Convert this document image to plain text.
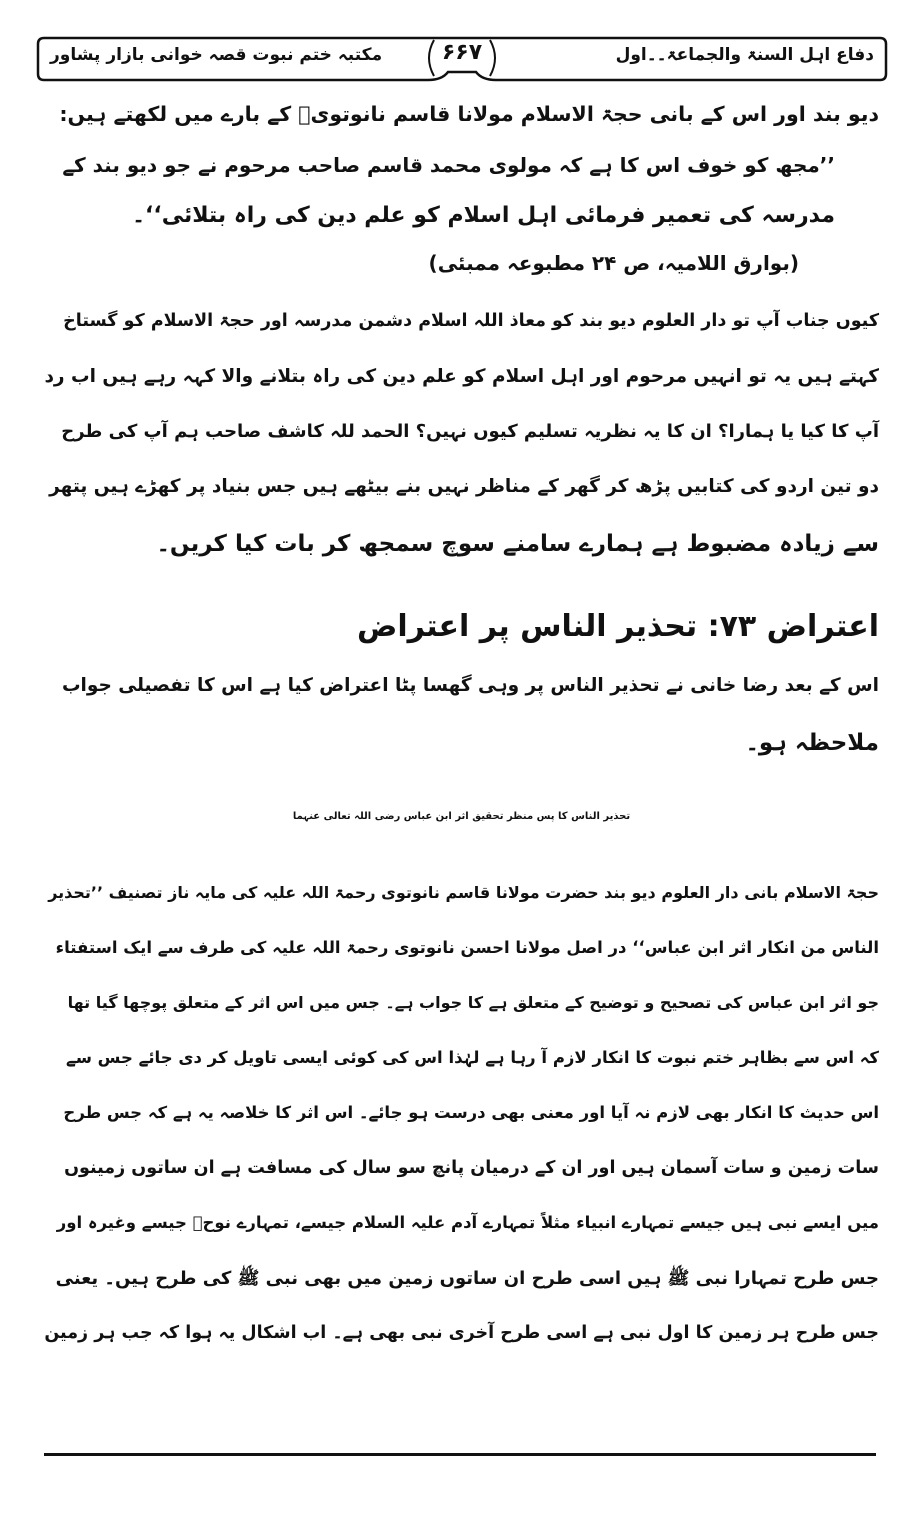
مکتبہ ختم نبوت قصہ خوانی بازار پشاور	۶۶۷	دفاع اہل السنۃ والجماعۃ۔۔اول
دیو بند اور اس کے بانی حجۃ الاسلام مولانا قاسم نانوتویؒ کے بارے میں لکھتے ہیں:
’’مجھ کو خوف اس کا ہے کہ مولوی محمد قاسم صاحب مرحوم نے جو دیو بند کے
مدرسہ کی تعمیر فرمائی اہل اسلام کو علم دین کی راہ بتلائی‘‘۔
(بوارق اللامیہ، ص ۲۴ مطبوعہ ممبئی)
کیوں جناب آپ تو دار العلوم دیو بند کو معاذ اللہ اسلام دشمن مدرسہ اور حجۃ الاسلام کو گستاخ
کہتے ہیں یہ تو انہیں مرحوم اور اہل اسلام کو علم دین کی راہ بتلانے والا کہہ رہے ہیں اب رد
آپ کا کیا یا ہمارا؟ ان کا یہ نظریہ تسلیم کیوں نہیں؟ الحمد للہ کاشف صاحب ہم آپ کی طرح
دو تین اردو کی کتابیں پڑھ کر گھر کے مناظر نہیں بنے بیٹھے ہیں جس بنیاد پر کھڑے ہیں پتھر
سے زیادہ مضبوط ہے ہمارے سامنے سوچ سمجھ کر بات کیا کریں۔
اعتراض ۷۳: تحذیر الناس پر اعتراض
اس کے بعد رضا خانی نے تحذیر الناس پر وہی گھسا پٹا اعتراض کیا ہے اس کا تفصیلی جواب
ملاحظہ ہو۔
تحذیر الناس کا پس منظر تحقیق اثر ابن عباس رضی اللہ تعالی عنہما
حجۃ الاسلام بانی دار العلوم دیو بند حضرت مولانا قاسم نانوتوی رحمۃ اللہ علیہ کی مایہ ناز تصنیف ’’تحذیر
الناس من انکار اثر ابن عباس‘‘ در اصل مولانا احسن نانوتوی رحمۃ اللہ علیہ کی طرف سے ایک استفتاء
جو اثر ابن عباس کی تصحیح و توضیح کے متعلق ہے کا جواب ہے۔ جس میں اس اثر کے متعلق پوچھا گیا تھا
کہ اس سے بظاہر ختم نبوت کا انکار لازم آ رہا ہے لہٰذا اس کی کوئی ایسی تاویل کر دی جائے جس سے
اس حدیث کا انکار بھی لازم نہ آیا اور معنی بھی درست ہو جائے۔ اس اثر کا خلاصہ یہ ہے کہ جس طرح
سات زمین و سات آسمان ہیں اور ان کے درمیان پانچ سو سال کی مسافت ہے ان ساتوں زمینوں
میں ایسے نبی ہیں جیسے تمہارے انبیاء مثلاً تمہارے آدم علیہ السلام جیسے، تمہارے نوحؑ جیسے وغیرہ اور
جس طرح تمہارا نبی ﷺ ہیں اسی طرح ان ساتوں زمین میں بھی نبی ﷺ کی طرح ہیں۔ یعنی
جس طرح ہر زمین کا اول نبی ہے اسی طرح آخری نبی بھی ہے۔ اب اشکال یہ ہوا کہ جب ہر زمین
